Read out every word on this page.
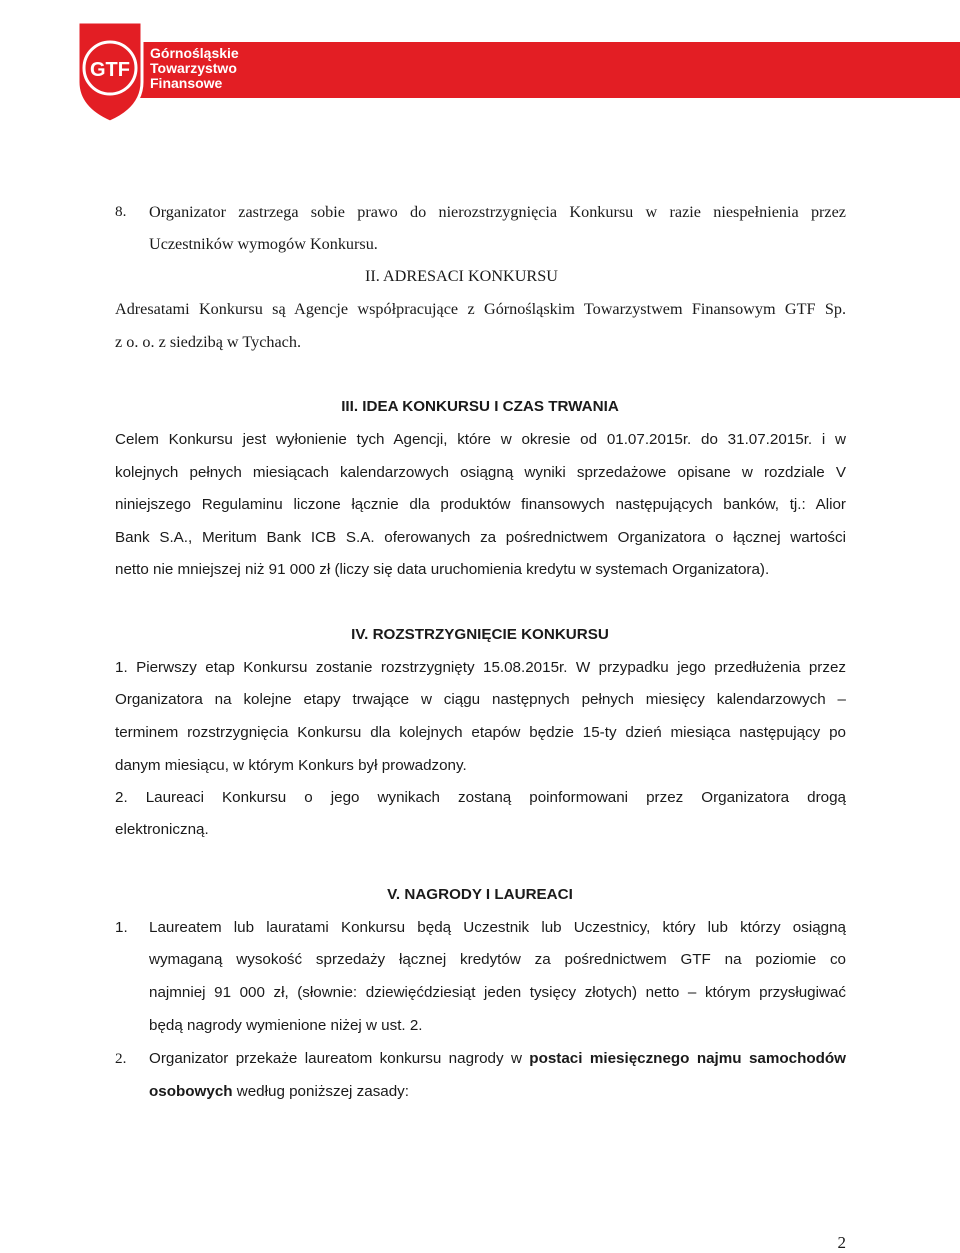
www.GTF.pl
GTF
Górnośląskie
Towarzystwo
Finansowe
8. Organizator zastrzega sobie prawo do nierozstrzygnięcia Konkursu w razie niespełnienia przez
Uczestników wymogów Konkursu.
II. ADRESACI KONKURSU
Adresatami Konkursu są Agencje współpracujące z Górnośląskim Towarzystwem Finansowym GTF Sp.
z o. o. z siedzibą w Tychach.
III. IDEA KONKURSU I CZAS TRWANIA
Celem Konkursu jest wyłonienie tych Agencji, które w okresie od 01.07.2015r. do 31.07.2015r. i w
kolejnych pełnych miesiącach kalendarzowych osiągną wyniki sprzedażowe opisane w rozdziale V
niniejszego Regulaminu liczone łącznie dla produktów finansowych następujących banków, tj.: Alior
Bank S.A., Meritum Bank ICB S.A. oferowanych za pośrednictwem Organizatora o łącznej wartości
netto nie mniejszej niż 91 000 zł (liczy się data uruchomienia kredytu w systemach Organizatora).
IV. ROZSTRZYGNIĘCIE KONKURSU
1. Pierwszy etap Konkursu zostanie rozstrzygnięty 15.08.2015r. W przypadku jego przedłużenia przez
Organizatora na kolejne etapy trwające w ciągu następnych pełnych miesięcy kalendarzowych –
terminem rozstrzygnięcia Konkursu dla kolejnych etapów będzie 15-ty dzień miesiąca następujący po
danym miesiącu, w którym Konkurs był prowadzony.
2. Laureaci Konkursu o jego wynikach zostaną poinformowani przez Organizatora drogą
elektroniczną.
V. NAGRODY I LAUREACI
1. Laureatem lub lauratami Konkursu będą Uczestnik lub Uczestnicy, który lub którzy osiągną
wymaganą wysokość sprzedaży łącznej kredytów za pośrednictwem GTF na poziomie co
najmniej 91 000 zł, (słownie: dziewięćdziesiąt jeden tysięcy złotych) netto – którym przysługiwać
będą nagrody wymienione niżej w ust. 2.
2. Organizator przekaże laureatom konkursu nagrody w postaci miesięcznego najmu samochodów
osobowych według poniższej zasady:
2
